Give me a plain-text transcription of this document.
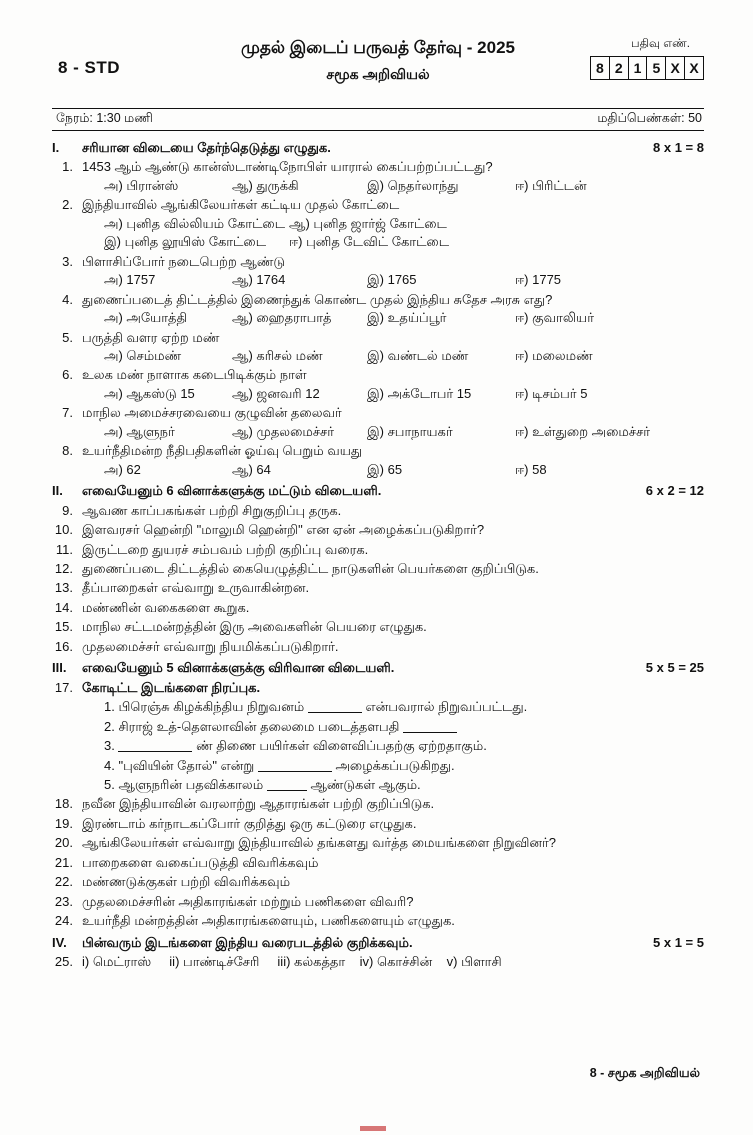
8 - STD
முதல் இடைப் பருவத் தேர்வு - 2025
சமூக அறிவியல்
பதிவு எண்.
8 2 1 5 X X
நேரம்: 1:30 மணி	மதிப்பெண்கள்: 50
I.	சரியான விடையை தேர்ந்தெடுத்து எழுதுக.	8 x 1 = 8
1. 1453 ஆம் ஆண்டு கான்ஸ்டாண்டிநோபிள் யாரால் கைப்பற்றப்பட்டது?
அ) பிரான்ஸ்	ஆ) துருக்கி	இ) நெதர்லாந்து	ஈ) பிரிட்டன்
2. இந்தியாவில் ஆங்கிலேயர்கள் கட்டிய முதல் கோட்டை
அ) புனித வில்லியம் கோட்டை ஆ) புனித ஜார்ஜ் கோட்டை
இ) புனித லூயிஸ் கோட்டை	ஈ) புனித டேவிட் கோட்டை
3. பிளாசிப்போர் நடைபெற்ற ஆண்டு
அ) 1757	ஆ) 1764	இ) 1765	ஈ) 1775
4. துணைப்படைத் திட்டத்தில் இணைந்துக் கொண்ட முதல் இந்திய சுதேச அரசு எது?
அ) அயோத்தி	ஆ) ஹைதராபாத்	இ) உதய்ப்பூர்	ஈ) குவாலியர்
5. பருத்தி வளர ஏற்ற மண்
அ) செம்மண்	ஆ) கரிசல் மண்	இ) வண்டல் மண்	ஈ) மலைமண்
6. உலக மண் நாளாக கடைபிடிக்கும் நாள்
அ) ஆகஸ்டு 15	ஆ) ஜனவரி 12	இ) அக்டோபர் 15	ஈ) டிசம்பர் 5
7. மாநில அமைச்சரவையை குழுவின் தலைவர்
அ) ஆளுநர்	ஆ) முதலமைச்சர்	இ) சபாநாயகர்	ஈ) உள்துறை அமைச்சர்
8. உயர்நீதிமன்ற நீதிபதிகளின் ஓய்வு பெறும் வயது
அ) 62	ஆ) 64	இ) 65	ஈ) 58
II.	எவையேனும் 6 வினாக்களுக்கு மட்டும் விடையளி.	6 x 2 = 12
9. ஆவண காப்பகங்கள் பற்றி சிறுகுறிப்பு தருக.
10. இளவரசர் ஹென்றி "மாலுமி ஹென்றி" என ஏன் அழைக்கப்படுகிறார்?
11. இருட்டறை துயரச் சம்பவம் பற்றி குறிப்பு வரைக.
12. துணைப்படை திட்டத்தில் கையெழுத்திட்ட நாடுகளின் பெயர்களை குறிப்பிடுக.
13. தீப்பாறைகள் எவ்வாறு உருவாகின்றன.
14. மண்ணின் வகைகளை கூறுக.
15. மாநில சட்டமன்றத்தின் இரு அவைகளின் பெயரை எழுதுக.
16. முதலமைச்சர் எவ்வாறு நியமிக்கப்படுகிறார்.
III.	எவையேனும் 5 வினாக்களுக்கு விரிவான விடையளி.	5 x 5 = 25
17. கோடிட்ட இடங்களை நிரப்புக.
1. பிரெஞ்சு கிழக்கிந்திய நிறுவனம்	என்பவரால் நிறுவப்பட்டது.
2. சிராஜ் உத்-தௌலாவின் தலைமை படைத்தளபதி
3.	ண் திணை பயிர்கள் விளைவிப்பதற்கு ஏற்றதாகும்.
4. "புவியின் தோல்" என்று	அழைக்கப்படுகிறது.
5. ஆளுநரின் பதவிக்காலம்	ஆண்டுகள் ஆகும்.
18. நவீன இந்தியாவின் வரலாற்று ஆதாரங்கள் பற்றி குறிப்பிடுக.
19. இரண்டாம் கர்நாடகப்போர் குறித்து ஒரு கட்டுரை எழுதுக.
20. ஆங்கிலேயர்கள் எவ்வாறு இந்தியாவில் தங்களது வர்த்த மையங்களை நிறுவினர்?
21. பாறைகளை வகைப்படுத்தி விவரிக்கவும்
22. மண்ணடுக்குகள் பற்றி விவரிக்கவும்
23. முதலமைச்சரின் அதிகாரங்கள் மற்றும் பணிகளை விவரி?
24. உயர்நீதி மன்றத்தின் அதிகாரங்களையும், பணிகளையும் எழுதுக.
IV.	பின்வரும் இடங்களை இந்திய வரைபடத்தில் குறிக்கவும்.	5 x 1 = 5
25. i) மெட்ராஸ் ii) பாண்டிச்சேரி iii) கல்கத்தா iv) கொச்சின் v) பிளாசி
8 - சமூக அறிவியல்
